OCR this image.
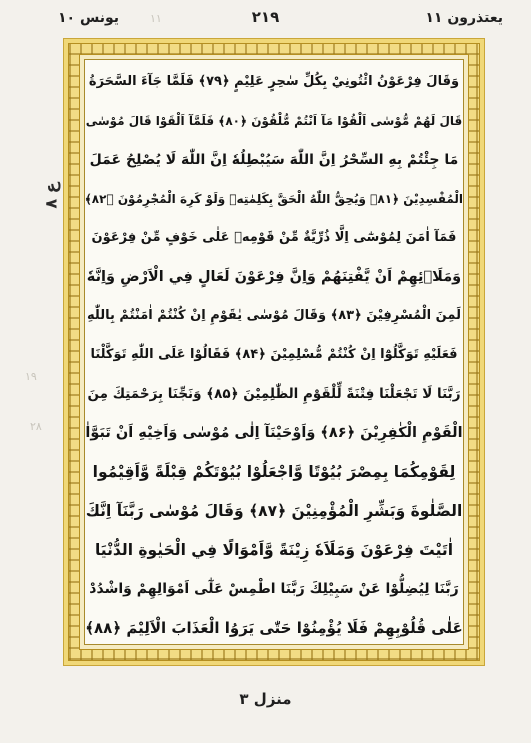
یونس ۱۰	۲۱۹	یعتذرون ۱۱
ع ۸
۱۱
۱۹
۲۸
وَقَالَ فِرْعَوْنُ ائْتُونِيْ بِكُلِّ سٰحِرٍ عَلِيْمٍ ﴿۷۹﴾ فَلَمَّا جَآءَ السَّحَرَةُ
قَالَ لَهُمْ مُّوْسٰى اَلْقُوْا مَآ اَنْتُمْ مُّلْقُوْنَ ﴿۸۰﴾ فَلَمَّآ اَلْقَوْا قَالَ مُوْسٰى
مَا جِئْتُمْ بِهِ السِّحْرُ اِنَّ اللّٰهَ سَيُبْطِلُهٗ اِنَّ اللّٰهَ لَا يُصْلِحُ عَمَلَ
الْمُفْسِدِيْنَ ﴿۸۱﴾ وَيُحِقُّ اللّٰهُ الْحَقَّ بِكَلِمٰتِهٖ وَلَوْ كَرِهَ الْمُجْرِمُوْنَ ﴿۸۲﴾
فَمَآ اٰمَنَ لِمُوْسٰٓى اِلَّا ذُرِّيَّةٌ مِّنْ قَوْمِهٖ عَلٰى خَوْفٍ مِّنْ فِرْعَوْنَ
وَمَلَا۟ئِهِمْ اَنْ يَّفْتِنَهُمْ وَاِنَّ فِرْعَوْنَ لَعَالٍ فِي الْاَرْضِ وَاِنَّهٗ
لَمِنَ الْمُسْرِفِيْنَ ﴿۸۳﴾ وَقَالَ مُوْسٰى يٰقَوْمِ اِنْ كُنْتُمْ اٰمَنْتُمْ بِاللّٰهِ
فَعَلَيْهِ تَوَكَّلُوْٓا اِنْ كُنْتُمْ مُّسْلِمِيْنَ ﴿۸۴﴾ فَقَالُوْا عَلَى اللّٰهِ تَوَكَّلْنَا
رَبَّنَا لَا تَجْعَلْنَا فِتْنَةً لِّلْقَوْمِ الظّٰلِمِيْنَ ﴿۸۵﴾ وَنَجِّنَا بِرَحْمَتِكَ مِنَ
الْقَوْمِ الْكٰفِرِيْنَ ﴿۸۶﴾ وَاَوْحَيْنَآ اِلٰى مُوْسٰى وَاَخِيْهِ اَنْ تَبَوَّاٰ
لِقَوْمِكُمَا بِمِصْرَ بُيُوْتًا وَّاجْعَلُوْا بُيُوْتَكُمْ قِبْلَةً وَّاَقِيْمُوا
الصَّلٰوةَ وَبَشِّرِ الْمُؤْمِنِيْنَ ﴿۸۷﴾ وَقَالَ مُوْسٰى رَبَّنَآ اِنَّكَ
اٰتَيْتَ فِرْعَوْنَ وَمَلَاَهٗ زِيْنَةً وَّاَمْوَالًا فِي الْحَيٰوةِ الدُّنْيَا
رَبَّنَا لِيُضِلُّوْا عَنْ سَبِيْلِكَ رَبَّنَا اطْمِسْ عَلٰٓى اَمْوَالِهِمْ وَاشْدُدْ
عَلٰى قُلُوْبِهِمْ فَلَا يُؤْمِنُوْا حَتّٰى يَرَوُا الْعَذَابَ الْاَلِيْمَ ﴿۸۸﴾
منزل ۳
